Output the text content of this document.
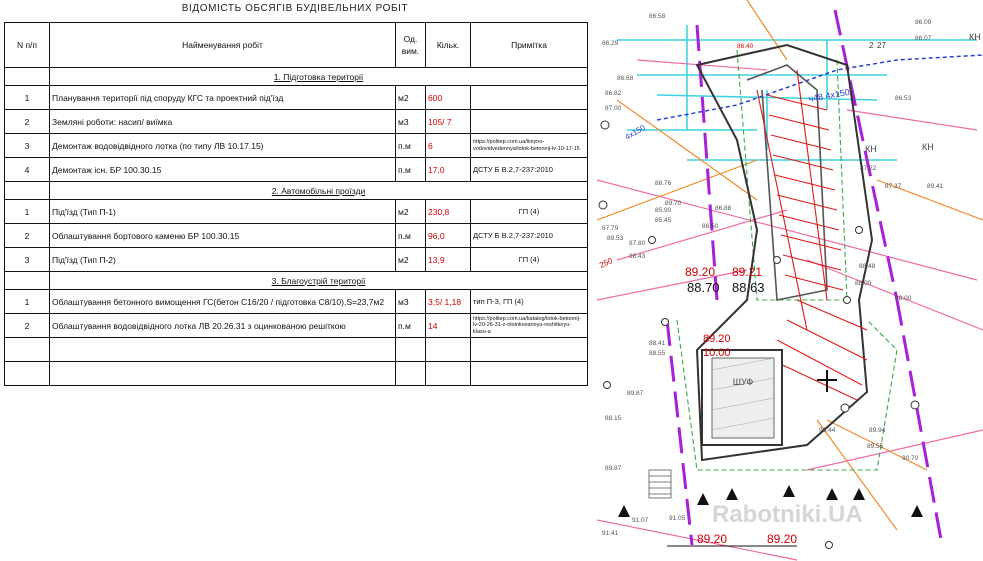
ВІДОМІСТЬ ОБСЯГІВ БУДІВЕЛЬНИХ РОБІТ
N п/п	Найменування робіт	Од. вим.	Кільк.	Примітка
	1. Підготовка території			
1	Планування території під споруду КГС та проектний під'їзд	м2	600	
2	Земляні роботи: насип/ виїмка	м3	105/ 7	
3	Демонтаж водовідвідного лотка (по типу ЛВ 10.17.15)	п.м	6	https://politep.com.ua/liniyno-vodovidvedennya/lotok-betonnij-lv-10-17-15
4	Демонтаж існ. БР 100.30.15	п.м	17,0	ДСТУ Б В.2,7-237:2010
	2. Автомобільні проїзди			
1	Під'їзд (Тип П-1)	м2	230,8	ГП (4)
2	Облаштування бортового каменю БР 100.30.15	п.м	96,0	ДСТУ Б В.2,7-237:2010
3	Під'їзд (Тип П-2)	м2	13,9	ГП (4)
	3. Благоустрій території			
1	Облаштування бетонного вимощення ГС(бетон С16/20 / підготовка С8/10),S=23,7м2	м3	3,5/ 1,18	тип П-3, ГП (4)
2	Облаштування водовідвідного лотка ЛВ 20.26.31 з оцинкованою решіткою	п.м	14	https://politep.com.ua/katalog/lotok-betonnij-lv-20-26-31-z-otsinkovanoyu-reshitkoyu-klasu-a

ШУФ
89.20
10.00
89.20
88.70
89.21
88.63
89.20	89.20
86.58
86.29	86.40
86.09
86.07
86.82
86.68
86.53
87.00
88.76
89.70
89.53
87.22
87.37	89.41
87.79
87.80
85.90
85.45
86.50
88.43
88.48
86.88
88.00
88.00
88.41
88.55
89.94
89.87
88.15
89.55
90.44
90.70
89.87
91.07	91.05
91.41
КН
КН
КН
ч48 4x150
4x150
250
2 27
Rabotniki.UA
